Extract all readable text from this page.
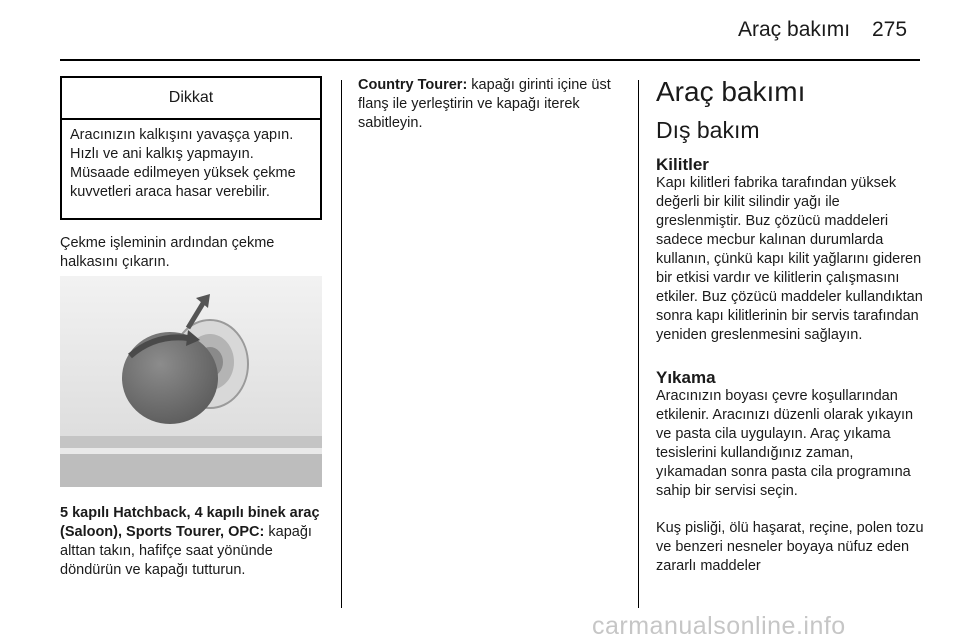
Araç bakımı 275
Dikkat
Aracınızın kalkışını yavaşça yapın. Hızlı ve ani kalkış yapmayın. Müsaade edilmeyen yüksek çekme kuvvetleri araca hasar verebilir.

Çekme işleminin ardından çekme halkasını çıkarın.

5 kapılı Hatchback, 4 kapılı binek araç (Saloon), Sports Tourer, OPC: kapağı alttan takın, hafifçe saat yönünde döndürün ve kapağı tutturun.

Country Tourer: kapağı girinti içine üst flanş ile yerleştirin ve kapağı iterek sabitleyin.

Araç bakımı
Dış bakım
Kilitler

Kapı kilitleri fabrika tarafından yüksek değerli bir kilit silindir yağı ile greslenmiştir. Buz çözücü maddeleri sadece mecbur kalınan durumlarda kullanın, çünkü kapı kilit yağlarını gideren bir etkisi vardır ve kilitlerin çalışmasını etkiler. Buz çözücü maddeler kullandıktan sonra kapı kilitlerinin bir servis tarafından yeniden greslenmesini sağlayın.

Yıkama

Aracınızın boyası çevre koşullarından etkilenir. Aracınızı düzenli olarak yıkayın ve pasta cila uygulayın. Araç yıkama tesislerini kullandığınız zaman, yıkamadan sonra pasta cila programına sahip bir servisi seçin.

Kuş pisliği, ölü haşarat, reçine, polen tozu ve benzeri nesneler boyaya nüfuz eden zararlı maddeler

carmanualsonline.info
